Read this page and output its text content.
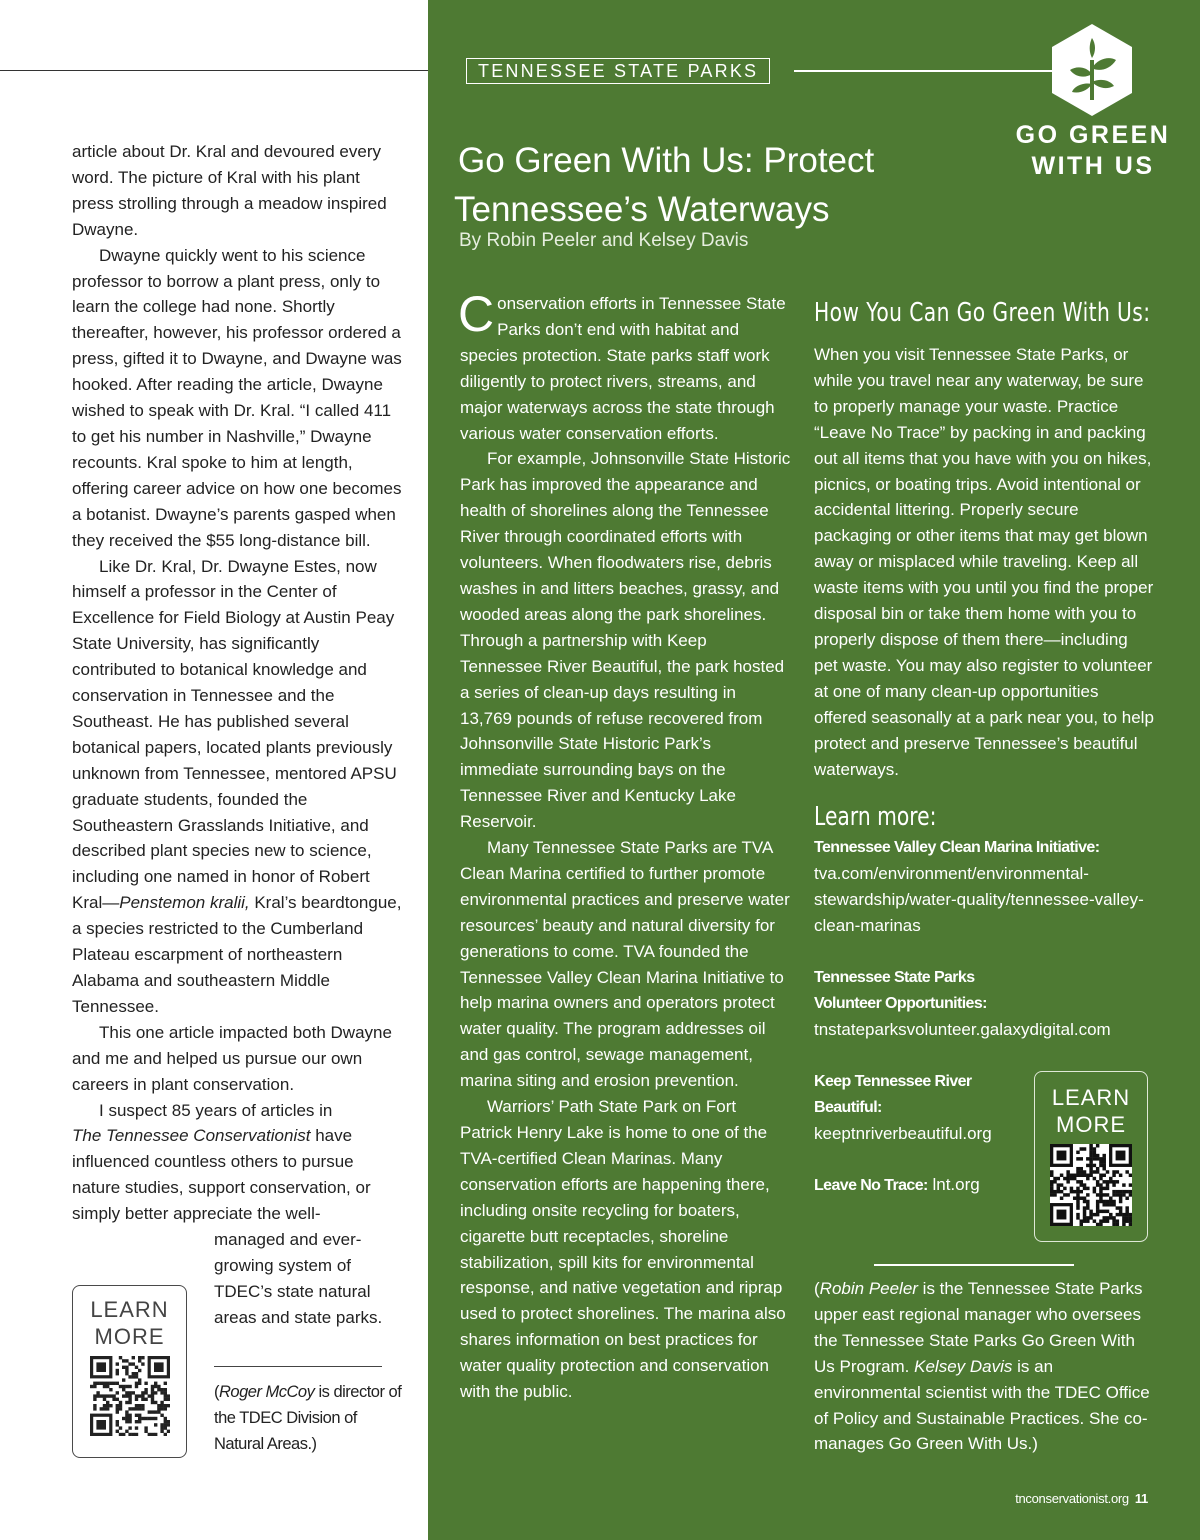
article about Dr. Kral and devoured every word. The picture of Kral with his plant press strolling through a meadow inspired Dwayne.

Dwayne quickly went to his science professor to borrow a plant press, only to learn the college had none. Shortly thereafter, however, his professor ordered a press, gifted it to Dwayne, and Dwayne was hooked. After reading the article, Dwayne wished to speak with Dr. Kral. “I called 411 to get his number in Nashville,” Dwayne recounts. Kral spoke to him at length, offering career advice on how one becomes a botanist. Dwayne’s parents gasped when they received the $55 long-distance bill.

Like Dr. Kral, Dr. Dwayne Estes, now himself a professor in the Center of Excellence for Field Biology at Austin Peay State University, has significantly contributed to botanical knowledge and conservation in Tennessee and the Southeast. He has published several botanical papers, located plants previously unknown from Tennessee, mentored APSU graduate students, founded the Southeastern Grasslands Initiative, and described plant species new to science, including one named in honor of Robert Kral—Penstemon kralii, Kral’s beardtongue, a species restricted to the Cumberland Plateau escarpment of northeastern Alabama and southeastern Middle Tennessee.

This one article impacted both Dwayne and me and helped us pursue our own careers in plant conservation.

I suspect 85 years of articles in
The Tennessee Conservationist have influenced countless others to pursue nature studies, support conservation, or simply better appreciate the well-

managed and ever-growing system of TDEC’s state natural areas and state parks.

LEARN MORE
(Roger McCoy is director of the TDEC Division of Natural Areas.)
TENNESSEE STATE PARKS
GO GREEN
WITH US
Go Green With Us: Protect
Tennessee’s Waterways
By Robin Peeler and Kelsey Davis

Conservation efforts in Tennessee State Parks don’t end with habitat and species protection. State parks staff work diligently to protect rivers, streams, and major waterways across the state through various water conservation efforts.

For example, Johnsonville State Historic Park has improved the appearance and health of shorelines along the Tennessee River through coordinated efforts with volunteers. When floodwaters rise, debris washes in and litters beaches, grassy, and wooded areas along the park shorelines. Through a partnership with Keep Tennessee River Beautiful, the park hosted a series of clean-up days resulting in 13,769 pounds of refuse recovered from Johnsonville State Historic Park’s immediate surrounding bays on the Tennessee River and Kentucky Lake Reservoir.

Many Tennessee State Parks are TVA Clean Marina certified to further promote environmental practices and preserve water resources’ beauty and natural diversity for generations to come. TVA founded the Tennessee Valley Clean Marina Initiative to help marina owners and operators protect water quality. The program addresses oil and gas control, sewage management, marina siting and erosion prevention.

Warriors’ Path State Park on Fort Patrick Henry Lake is home to one of the TVA-certified Clean Marinas. Many conservation efforts are happening there, including onsite recycling for boaters, cigarette butt receptacles, shoreline stabilization, spill kits for environmental response, and native vegetation and riprap used to protect shorelines. The marina also shares information on best practices for water quality protection and conservation with the public.

How You Can Go Green With Us:

When you visit Tennessee State Parks, or while you travel near any waterway, be sure to properly manage your waste. Practice “Leave No Trace” by packing in and packing out all items that you have with you on hikes, picnics, or boating trips. Avoid intentional or accidental littering. Properly secure packaging or other items that may get blown away or misplaced while traveling. Keep all waste items with you until you find the proper disposal bin or take them home with you to properly dispose of them there—including pet waste. You may also register to volunteer at one of many clean-up opportunities offered seasonally at a park near you, to help protect and preserve Tennessee’s beautiful waterways.

Learn more:

Tennessee Valley Clean Marina Initiative:
tva.com/environment/environmental-stewardship/water-quality/tennessee-valley-clean-marinas

Tennessee State Parks Volunteer Opportunities:
tnstateparksvolunteer.galaxydigital.com

Keep Tennessee River Beautiful:
keeptnriverbeautiful.org

Leave No Trace: lnt.org

LEARN MORE
(Robin Peeler is the Tennessee State Parks upper east regional manager who oversees the Tennessee State Parks Go Green With Us Program. Kelsey Davis is an environmental scientist with the TDEC Office of Policy and Sustainable Practices. She co-manages Go Green With Us.)
tnconservationist.org 11
